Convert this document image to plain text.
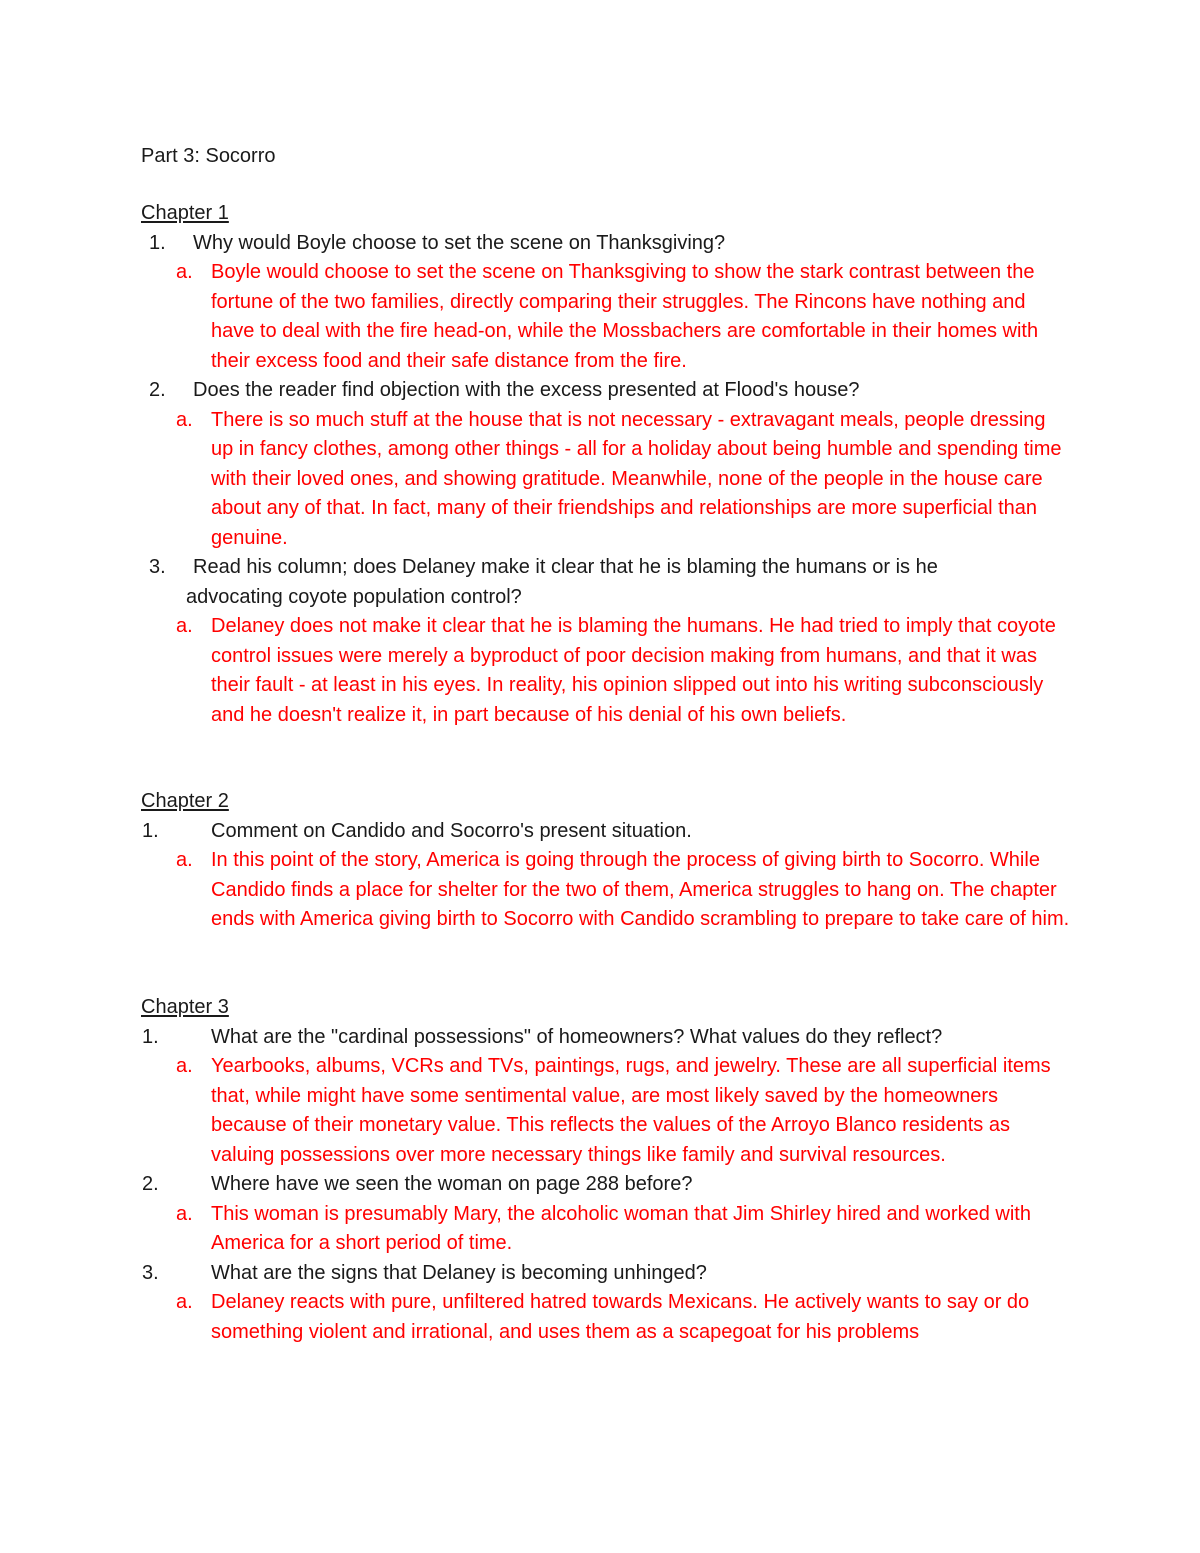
Part 3: Socorro
Chapter 1
1. Why would Boyle choose to set the scene on Thanksgiving?
a. Boyle would choose to set the scene on Thanksgiving to show the stark contrast between the fortune of the two families, directly comparing their struggles. The Rincons have nothing and have to deal with the fire head-on, while the Mossbachers are comfortable in their homes with their excess food and their safe distance from the fire.
2. Does the reader find objection with the excess presented at Flood's house?
a. There is so much stuff at the house that is not necessary - extravagant meals, people dressing up in fancy clothes, among other things - all for a holiday about being humble and spending time with their loved ones, and showing gratitude. Meanwhile, none of the people in the house care about any of that. In fact, many of their friendships and relationships are more superficial than genuine.
3. Read his column; does Delaney make it clear that he is blaming the humans or is he
advocating coyote population control?
a. Delaney does not make it clear that he is blaming the humans. He had tried to imply that coyote control issues were merely a byproduct of poor decision making from humans, and that it was their fault - at least in his eyes. In reality, his opinion slipped out into his writing subconsciously and he doesn't realize it, in part because of his denial of his own beliefs.
Chapter 2
1.	Comment on Candido and Socorro's present situation.
a. In this point of the story, America is going through the process of giving birth to Socorro. While Candido finds a place for shelter for the two of them, America struggles to hang on. The chapter ends with America giving birth to Socorro with Candido scrambling to prepare to take care of him.
Chapter 3
1.	What are the "cardinal possessions" of homeowners? What values do they reflect?
a. Yearbooks, albums, VCRs and TVs, paintings, rugs, and jewelry. These are all superficial items that, while might have some sentimental value, are most likely saved by the homeowners because of their monetary value. This reflects the values of the Arroyo Blanco residents as valuing possessions over more necessary things like family and survival resources.
2.	Where have we seen the woman on page 288 before?
a. This woman is presumably Mary, the alcoholic woman that Jim Shirley hired and worked with America for a short period of time.
3.	What are the signs that Delaney is becoming unhinged?
a. Delaney reacts with pure, unfiltered hatred towards Mexicans. He actively wants to say or do something violent and irrational, and uses them as a scapegoat for his problems
